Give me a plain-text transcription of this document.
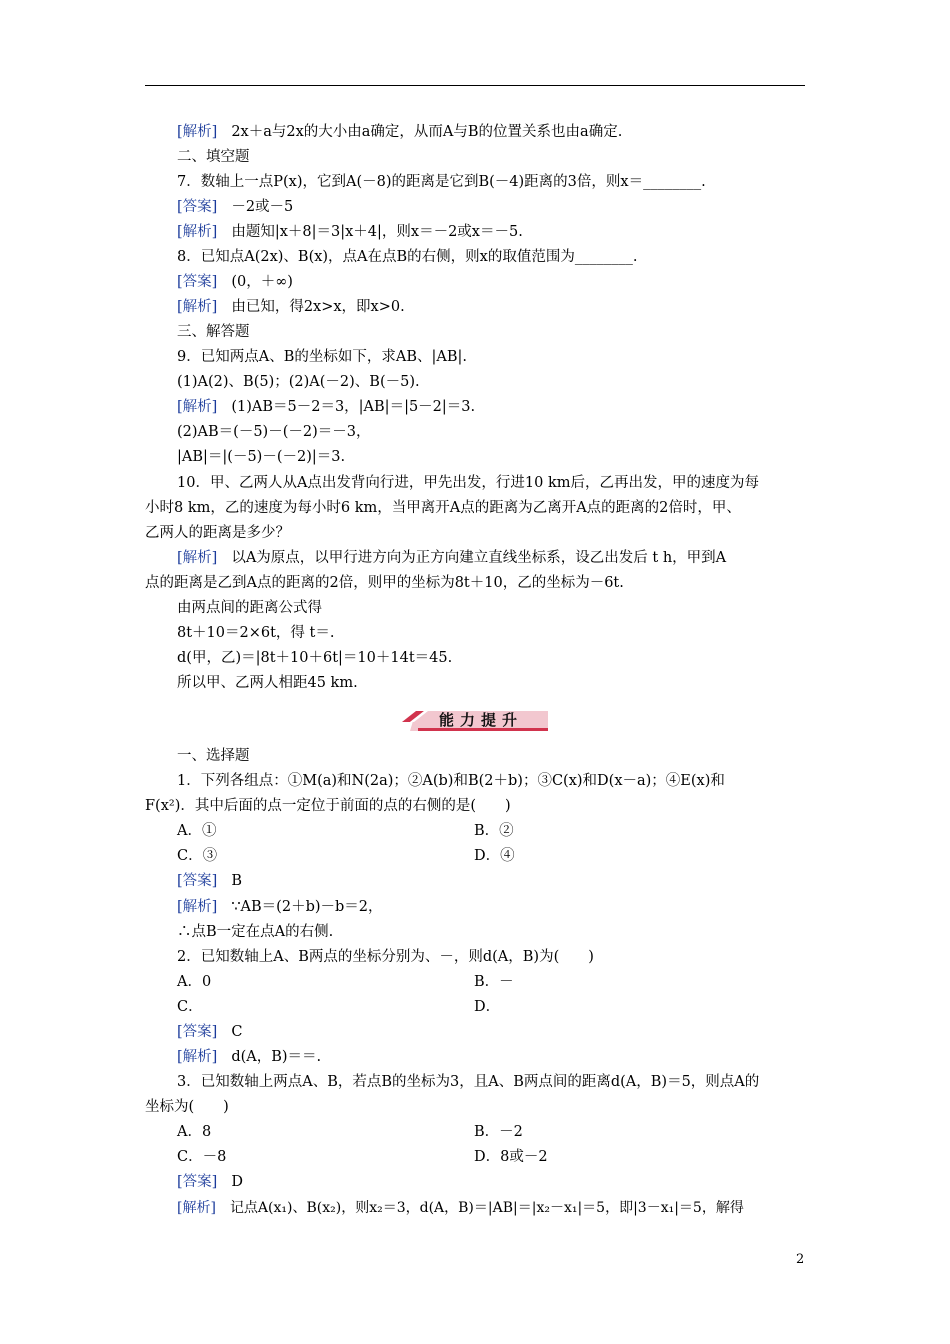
[解析] 2x＋a与2x的大小由a确定，从而A与B的位置关系也由a确定.
二、填空题
7．数轴上一点P(x)，它到A(－8)的距离是它到B(－4)距离的3倍，则x＝________.
[答案] －2或－5
[解析] 由题知|x＋8|＝3|x＋4|，则x＝－2或x＝－5.
8．已知点A(2x)、B(x)，点A在点B的右侧，则x的取值范围为________.
[答案] (0，＋∞)
[解析] 由已知，得2x>x，即x>0.
三、解答题
9．已知两点A、B的坐标如下，求AB、|AB|.
(1)A(2)、B(5)；(2)A(－2)、B(－5).
[解析] (1)AB＝5－2＝3，|AB|＝|5－2|＝3.
(2)AB＝(－5)－(－2)＝－3，
|AB|＝|(－5)－(－2)|＝3.
10．甲、乙两人从A点出发背向行进，甲先出发，行进10 km后，乙再出发，甲的速度为每
小时8 km，乙的速度为每小时6 km，当甲离开A点的距离为乙离开A点的距离的2倍时，甲、
乙两人的距离是多少？
[解析] 以A为原点，以甲行进方向为正方向建立直线坐标系，设乙出发后 t h，甲到A
点的距离是乙到A点的距离的2倍，则甲的坐标为8t＋10，乙的坐标为－6t.
由两点间的距离公式得
8t＋10＝2×6t，得 t＝.
d(甲，乙)＝|8t＋10＋6t|＝10＋14t＝45.
所以甲、乙两人相距45 km.
能力提升
一、选择题
1．下列各组点：①M(a)和N(2a)；②A(b)和B(2＋b)；③C(x)和D(x－a)；④E(x)和
F(x²)．其中后面的点一定位于前面的点的右侧的是(　　)
A．①	B．②
C．③	D．④
[答案] B
[解析] ∵AB＝(2＋b)－b＝2，
∴点B一定在点A的右侧.
2．已知数轴上A、B两点的坐标分别为、－，则d(A，B)为(　　)
A．0	B．－
C．	D．
[答案] C
[解析] d(A，B)＝＝.
3．已知数轴上两点A、B，若点B的坐标为3，且A、B两点间的距离d(A，B)＝5，则点A的
坐标为(　　)
A．8	B．－2
C．－8	D．8或－2
[答案] D
[解析] 记点A(x₁)、B(x₂)，则x₂＝3，d(A，B)＝|AB|＝|x₂－x₁|＝5，即|3－x₁|＝5，解得
2
